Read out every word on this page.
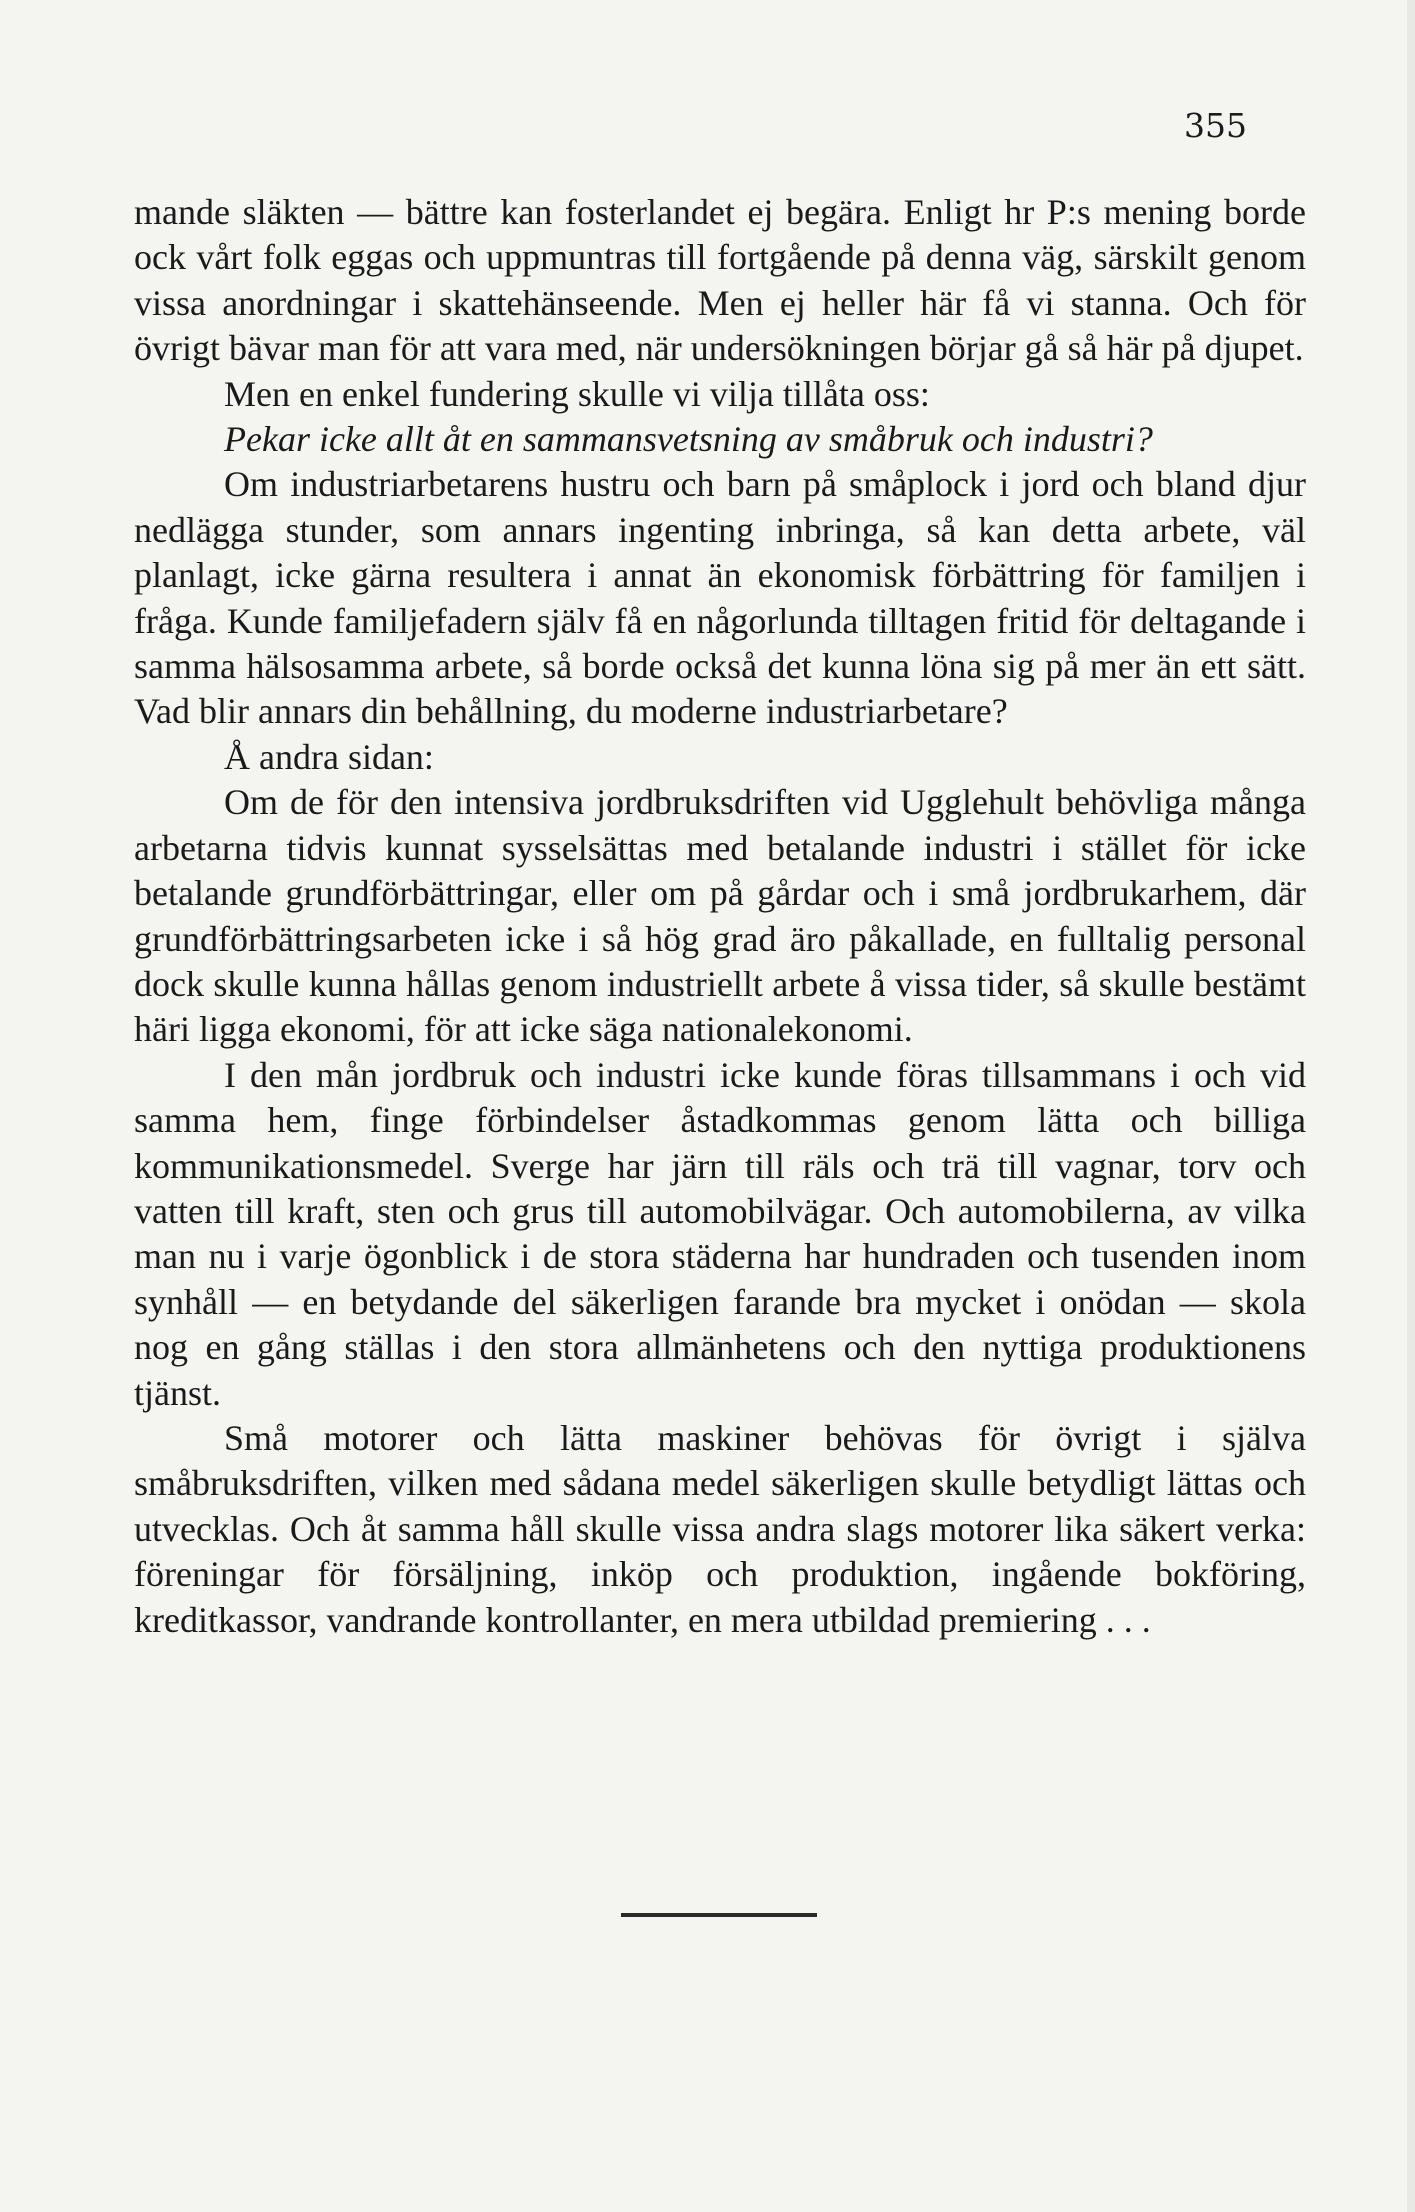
355

mande släkten — bättre kan fosterlandet ej begära. Enligt hr P:s mening borde ock vårt folk eggas och uppmuntras till fortgående på denna väg, särskilt genom vissa anordningar i skattehänseende. Men ej heller här få vi stanna. Och för övrigt bävar man för att vara med, när undersökningen börjar gå så här på djupet.

Men en enkel fundering skulle vi vilja tillåta oss:

Pekar icke allt åt en sammansvetsning av småbruk och industri?

Om industriarbetarens hustru och barn på småplock i jord och bland djur nedlägga stunder, som annars ingenting inbringa, så kan detta arbete, väl planlagt, icke gärna resultera i annat än ekonomisk förbättring för familjen i fråga. Kunde familjefadern själv få en någorlunda tilltagen fritid för deltagande i samma hälsosamma arbete, så borde också det kunna löna sig på mer än ett sätt. Vad blir annars din behållning, du moderne industriarbetare?

Å andra sidan:

Om de för den intensiva jordbruksdriften vid Ugglehult behövliga många arbetarna tidvis kunnat sysselsättas med betalande industri i stället för icke betalande grundförbättringar, eller om på gårdar och i små jordbrukarhem, där grundförbättringsarbeten icke i så hög grad äro påkallade, en fulltalig personal dock skulle kunna hållas genom industriellt arbete å vissa tider, så skulle bestämt häri ligga ekonomi, för att icke säga nationalekonomi.

I den mån jordbruk och industri icke kunde föras tillsammans i och vid samma hem, finge förbindelser åstadkommas genom lätta och billiga kommunikationsmedel. Sverge har järn till räls och trä till vagnar, torv och vatten till kraft, sten och grus till automobilvägar. Och automobilerna, av vilka man nu i varje ögonblick i de stora städerna har hundraden och tusenden inom synhåll — en betydande del säkerligen farande bra mycket i onödan — skola nog en gång ställas i den stora allmänhetens och den nyttiga produktionens tjänst.

Små motorer och lätta maskiner behövas för övrigt i själva småbruksdriften, vilken med sådana medel säkerligen skulle betydligt lättas och utvecklas. Och åt samma håll skulle vissa andra slags motorer lika säkert verka: föreningar för försäljning, inköp och produktion, ingående bokföring, kreditkassor, vandrande kontrollanter, en mera utbildad premiering . . .
